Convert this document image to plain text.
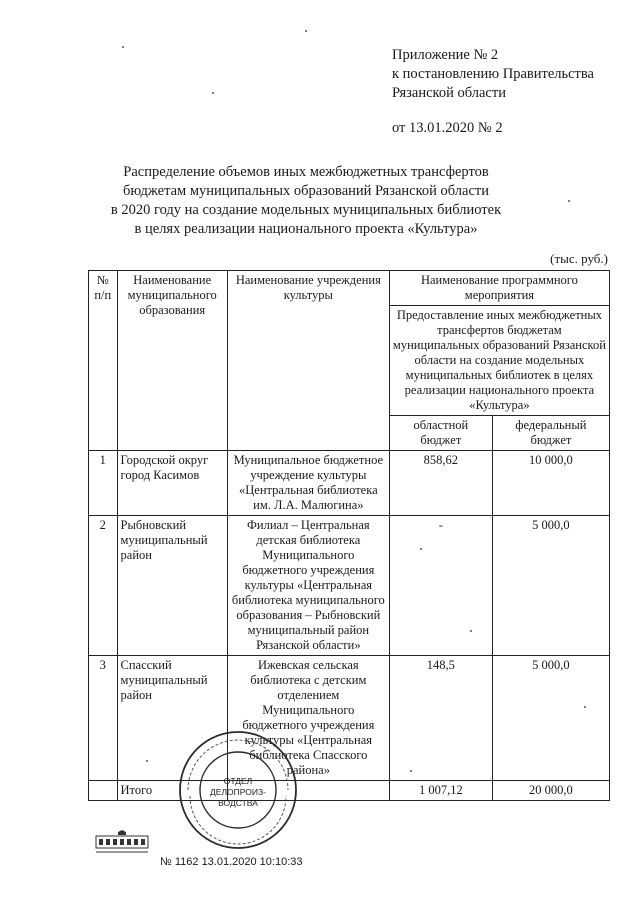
Приложение № 2
к постановлению Правительства
Рязанской области
от 13.01.2020 № 2
Распределение объемов иных межбюджетных трансфертов
бюджетам муниципальных образований Рязанской области
в 2020 году на создание модельных муниципальных библиотек
в целях реализации национального проекта «Культура»
(тыс. руб.)
№ п/п	Наименование муниципального образования	Наименование учреждения культуры	Наименование программного мероприятия	
			Предоставление иных межбюджетных трансфертов бюджетам муниципальных образований Рязанской области на создание модельных муниципальных библиотек в целях реализации национального проекта «Культура»	
			областной бюджет	федеральный бюджет
1	Городской округ город Касимов	Муниципальное бюджетное учреждение культуры «Центральная библиотека им. Л.А. Малюгина»	858,62	10 000,0
2	Рыбновский муниципальный район	Филиал – Центральная детская библиотека Муниципального бюджетного учреждения культуры «Центральная библиотека муниципального образования – Рыбновский муниципальный район Рязанской области»	-	5 000,0
3	Спасский муниципальный район	Ижевская сельская библиотека с детским отделением Муниципального бюджетного учреждения культуры «Центральная библиотека Спасского района»	148,5	5 000,0
	Итого		1 007,12	20 000,0
ОТДЕЛ
ДЕЛОПРОИЗ-
ВОДСТВА
№ 1162 13.01.2020 10:10:33
